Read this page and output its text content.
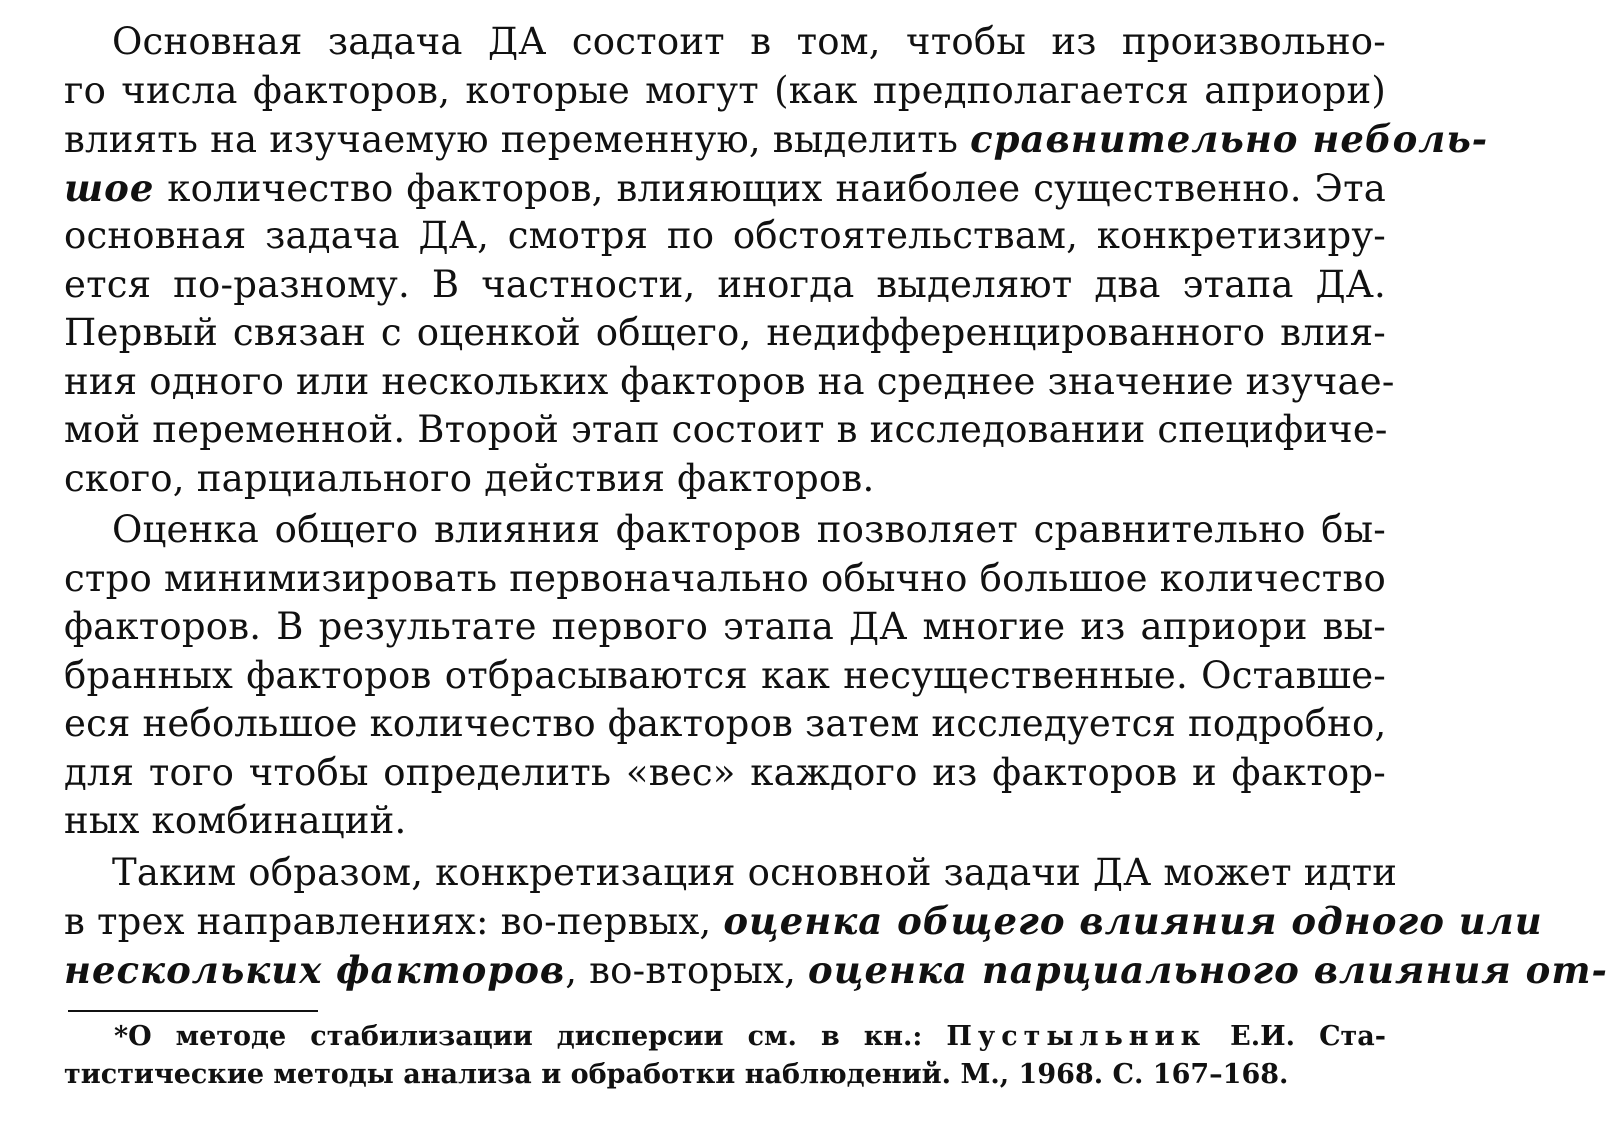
Основная задача ДА состоит в том, чтобы из произвольно-
го числа факторов, которые могут (как предполагается априори)
влиять на изучаемую переменную, выделить сравнительно неболь-
шое количество факторов, влияющих наиболее существенно. Эта
основная задача ДА, смотря по обстоятельствам, конкретизиру-
ется по-разному. В частности, иногда выделяют два этапа ДА.
Первый связан с оценкой общего, недифференцированного влия-
ния одного или нескольких факторов на среднее значение изучае-
мой переменной. Второй этап состоит в исследовании специфиче-
ского, парциального действия факторов.
Оценка общего влияния факторов позволяет сравнительно бы-
стро минимизировать первоначально обычно большое количество
факторов. В результате первого этапа ДА многие из априори вы-
бранных факторов отбрасываются как несущественные. Оставше-
еся небольшое количество факторов затем исследуется подробно,
для того чтобы определить «вес» каждого из факторов и фактор-
ных комбинаций.
Таким образом, конкретизация основной задачи ДА может идти
в трех направлениях: во-первых, оценка общего влияния одного или
нескольких факторов, во-вторых, оценка парциального влияния от-
*О методе стабилизации дисперсии см. в кн.: Пустыльник Е.И. Ста-
тистические методы анализа и обработки наблюдений. М., 1968. С. 167–168.
